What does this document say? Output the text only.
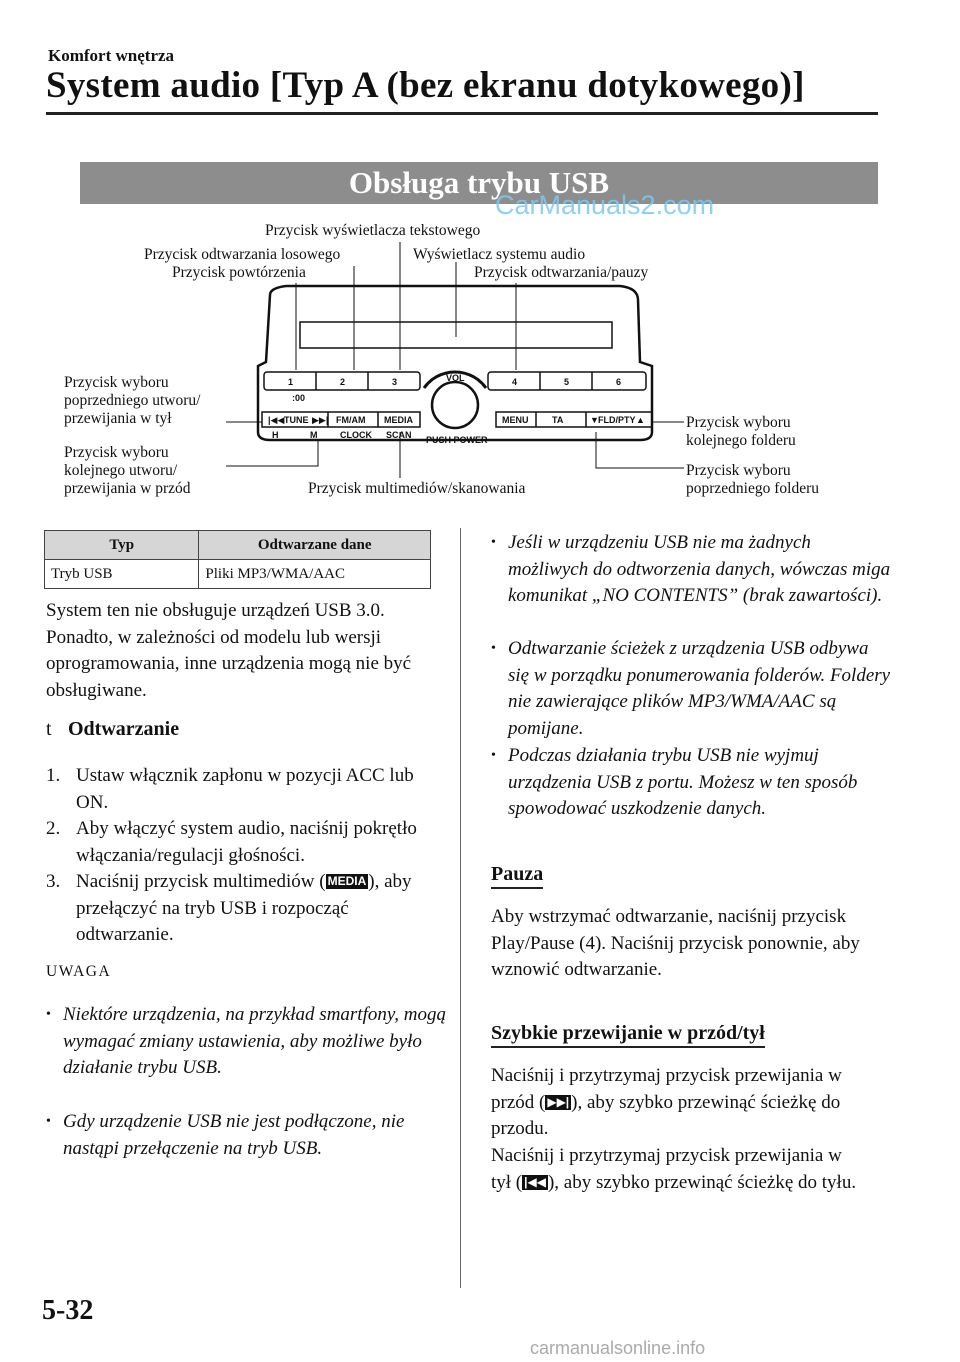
Komfort wnętrza
System audio [Typ A (bez ekranu dotykowego)]
Obsługa trybu USB
CarManuals2.com
1	2	3	4	5	6
:00
VOL
|◀◀ TUNE ▶▶| FM/AM MEDIA	MENU	TA	▼ FLD/PTY ▲
H	M	CLOCK SCAN PUSH POWER
Przycisk wyświetlacza tekstowego
Przycisk odtwarzania losowego
Przycisk powtórzenia
Wyświetlacz systemu audio
Przycisk odtwarzania/pauzy
Przycisk wyboru
poprzedniego utworu/
przewijania w tył
Przycisk wyboru
kolejnego utworu/
przewijania w przód	Przycisk multimediów/skanowania
Przycisk wyboru
kolejnego folderu
Przycisk wyboru
poprzedniego folderu
Typ	Odtwarzane dane
Tryb USB	Pliki MP3/WMA/AAC
System ten nie obsługuje urządzeń USB 3.0. Ponadto, w zależności od modelu lub wersji oprogramowania, inne urządzenia mogą nie być obsługiwane.
t Odtwarzanie
1. Ustaw włącznik zapłonu w pozycji ACC lub ON.
2. Aby włączyć system audio, naciśnij pokrętło włączania/regulacji głośności.
3. Naciśnij przycisk multimediów ( MEDIA ), aby przełączyć na tryb USB i rozpocząć odtwarzanie.
UWAGA
• Niektóre urządzenia, na przykład smartfony, mogą wymagać zmiany ustawienia, aby możliwe było działanie trybu USB.
• Gdy urządzenie USB nie jest podłączone, nie nastąpi przełączenie na tryb USB.
• Jeśli w urządzeniu USB nie ma żadnych możliwych do odtworzenia danych, wówczas miga komunikat „NO CONTENTS” (brak zawartości).
• Odtwarzanie ścieżek z urządzenia USB odbywa się w porządku ponumerowania folderów. Foldery nie zawierające plików MP3/WMA/AAC są pomijane.
• Podczas działania trybu USB nie wyjmuj urządzenia USB z portu. Możesz w ten sposób spowodować uszkodzenie danych.
Pauza
Aby wstrzymać odtwarzanie, naciśnij przycisk Play/Pause (4). Naciśnij przycisk ponownie, aby wznowić odtwarzanie.
Szybkie przewijanie w przód/tył
Naciśnij i przytrzymaj przycisk przewijania w przód ( ▶▶| ), aby szybko przewinąć ścieżkę do przodu.
Naciśnij i przytrzymaj przycisk przewijania w tył ( |◀◀ ), aby szybko przewinąć ścieżkę do tyłu.
5-32
carmanualsonline.info
